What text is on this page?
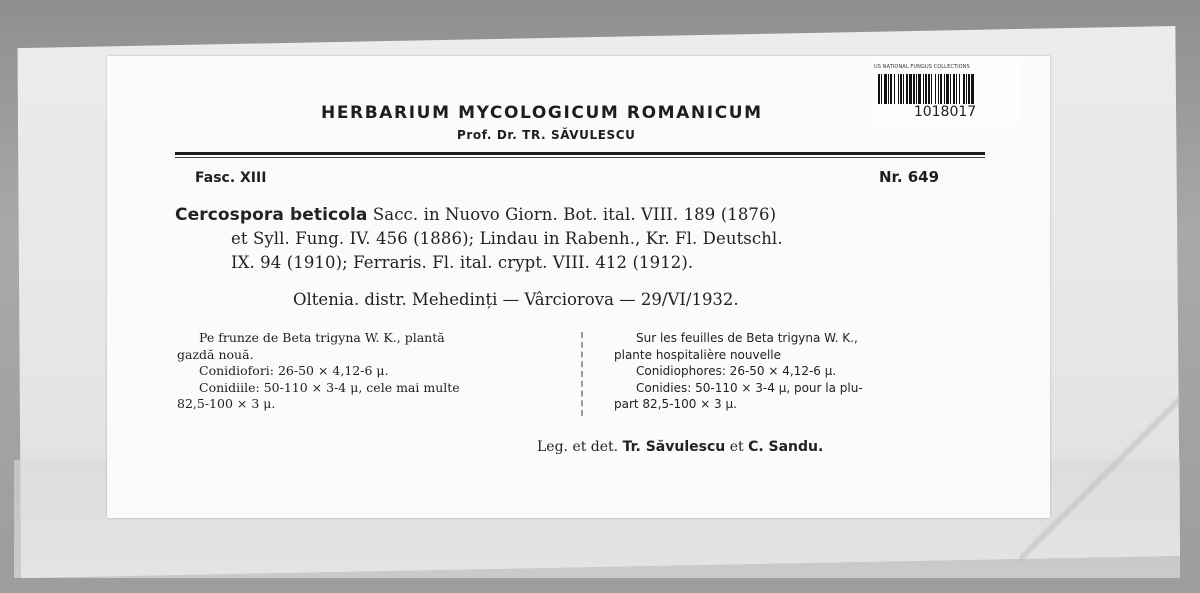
HERBARIUM MYCOLOGICUM ROMANICUM
Prof. Dr. TR. SĂVULESCU
Fasc. XIII	Nr. 649
Cercospora beticola Sacc. in Nuovo Giorn. Bot. ital. VIII. 189 (1876)
et Syll. Fung. IV. 456 (1886); Lindau in Rabenh., Kr. Fl. Deutschl.
IX. 94 (1910); Ferraris. Fl. ital. crypt. VIII. 412 (1912).
Oltenia. distr. Mehedinți — Vârciorova — 29/VI/1932.
Pe frunze de Beta trigyna W. K., plantă
gazdă nouă.
Conidiofori: 26-50 × 4,12-6 μ.
Conidiile: 50-110 × 3-4 μ, cele mai multe
82,5-100 × 3 μ.
Sur les feuilles de Beta trigyna W. K.,
plante hospitalière nouvelle
Conidiophores: 26-50 × 4,12-6 μ.
Conidies: 50-110 × 3-4 μ, pour la plu-
part 82,5-100 × 3 μ.
Leg. et det. Tr. Săvulescu et C. Sandu.
US NATIONAL FUNGUS COLLECTIONS
1018017
